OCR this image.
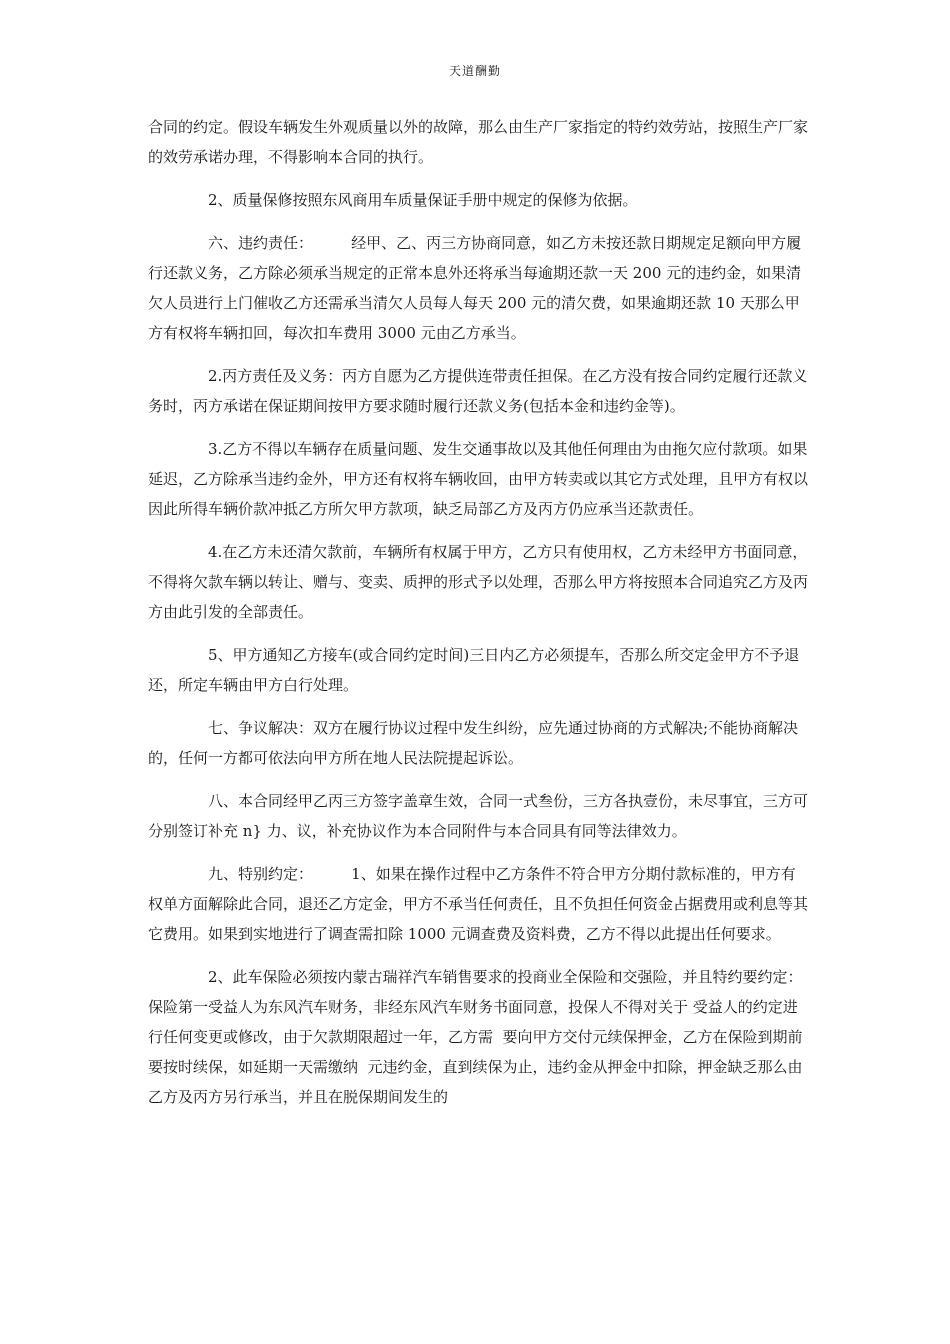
天道酬勤

合同的约定。假设车辆发生外观质量以外的故障，那么由生产厂家指定的特约效劳站，按照生产厂家的效劳承诺办理，不得影响本合同的执行。

2、质量保修按照东风商用车质量保证手册中规定的保修为依据。

六、违约责任：        经甲、乙、丙三方协商同意，如乙方未按还款日期规定足额向甲方履行还款义务，乙方除必须承当规定的正常本息外还将承当每逾期还款一天 200 元的违约金，如果清欠人员进行上门催收乙方还需承当清欠人员每人每天 200 元的清欠费，如果逾期还款 10 天那么甲方有权将车辆扣回，每次扣车费用 3000 元由乙方承当。

2.丙方责任及义务：丙方自愿为乙方提供连带责任担保。在乙方没有按合同约定履行还款义务时，丙方承诺在保证期间按甲方要求随时履行还款义务(包括本金和违约金等)。

3.乙方不得以车辆存在质量问题、发生交通事故以及其他任何理由为由拖欠应付款项。如果延迟，乙方除承当违约金外，甲方还有权将车辆收回，由甲方转卖或以其它方式处理，且甲方有权以因此所得车辆价款冲抵乙方所欠甲方款项，缺乏局部乙方及丙方仍应承当还款责任。

4.在乙方未还清欠款前，车辆所有权属于甲方，乙方只有使用权，乙方未经甲方书面同意，不得将欠款车辆以转让、赠与、变卖、质押的形式予以处理，否那么甲方将按照本合同追究乙方及丙方由此引发的全部责任。

5、甲方通知乙方接车(或合同约定时间)三日内乙方必须提车，否那么所交定金甲方不予退还，所定车辆由甲方白行处理。

七、争议解决：双方在履行协议过程中发生纠纷，应先通过协商的方式解决;不能协商解决的，任何一方都可依法向甲方所在地人民法院提起诉讼。

八、本合同经甲乙丙三方签字盖章生效，合同一式叁份，三方各执壹份，未尽事宜，三方可分别签订补充 n} 力、议，补充协议作为本合同附件与本合同具有同等法律效力。

九、特别约定：        1、如果在操作过程中乙方条件不符合甲方分期付款标准的，甲方有权单方面解除此合同，退还乙方定金，甲方不承当任何责任，且不负担任何资金占据费用或利息等其它费用。如果到实地进行了调查需扣除 1000 元调查费及资料费，乙方不得以此提出任何要求。

2、此车保险必须按内蒙古瑞祥汽车销售要求的投商业全保险和交强险，并且特约要约定：保险第一受益人为东风汽车财务，非经东风汽车财务书面同意，投保人不得对关于 受益人的约定进行任何变更或修改，由于欠款期限超过一年，乙方需  要向甲方交付元续保押金，乙方在保险到期前要按时续保，如延期一天需缴纳  元违约金，直到续保为止，违约金从押金中扣除，押金缺乏那么由乙方及丙方另行承当，并且在脱保期间发生的
